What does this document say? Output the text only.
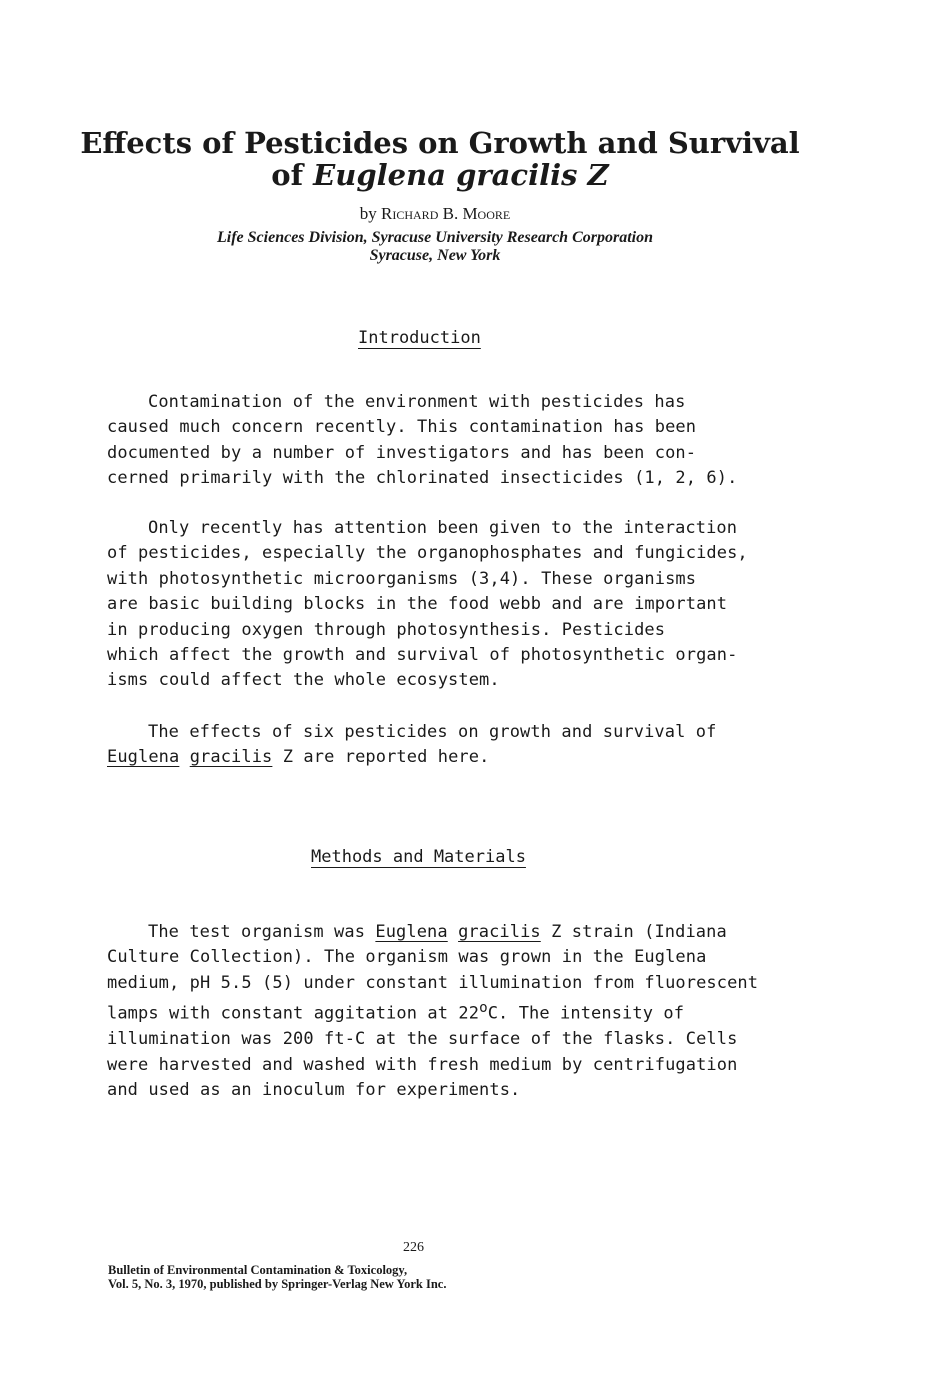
Effects of Pesticides on Growth and Survival
of Euglena gracilis Z
by Richard B. Moore
Life Sciences Division, Syracuse University Research Corporation
Syracuse, New York
Introduction
Contamination of the environment with pesticides has
caused much concern recently. This contamination has been
documented by a number of investigators and has been con-
cerned primarily with the chlorinated insecticides (1, 2, 6).
Only recently has attention been given to the interaction
of pesticides, especially the organophosphates and fungicides,
with photosynthetic microorganisms (3,4). These organisms
are basic building blocks in the food webb and are important
in producing oxygen through photosynthesis. Pesticides
which affect the growth and survival of photosynthetic organ-
isms could affect the whole ecosystem.
The effects of six pesticides on growth and survival of
Euglena gracilis Z are reported here.
Methods and Materials
The test organism was Euglena gracilis Z strain (Indiana
Culture Collection). The organism was grown in the Euglena
medium, pH 5.5 (5) under constant illumination from fluorescent
lamps with constant aggitation at 22$^o$C. The intensity of
illumination was 200 ft-C at the surface of the flasks. Cells
were harvested and washed with fresh medium by centrifugation
and used as an inoculum for experiments.
226
Bulletin of Environmental Contamination & Toxicology,
Vol. 5, No. 3, 1970, published by Springer-Verlag New York Inc.
